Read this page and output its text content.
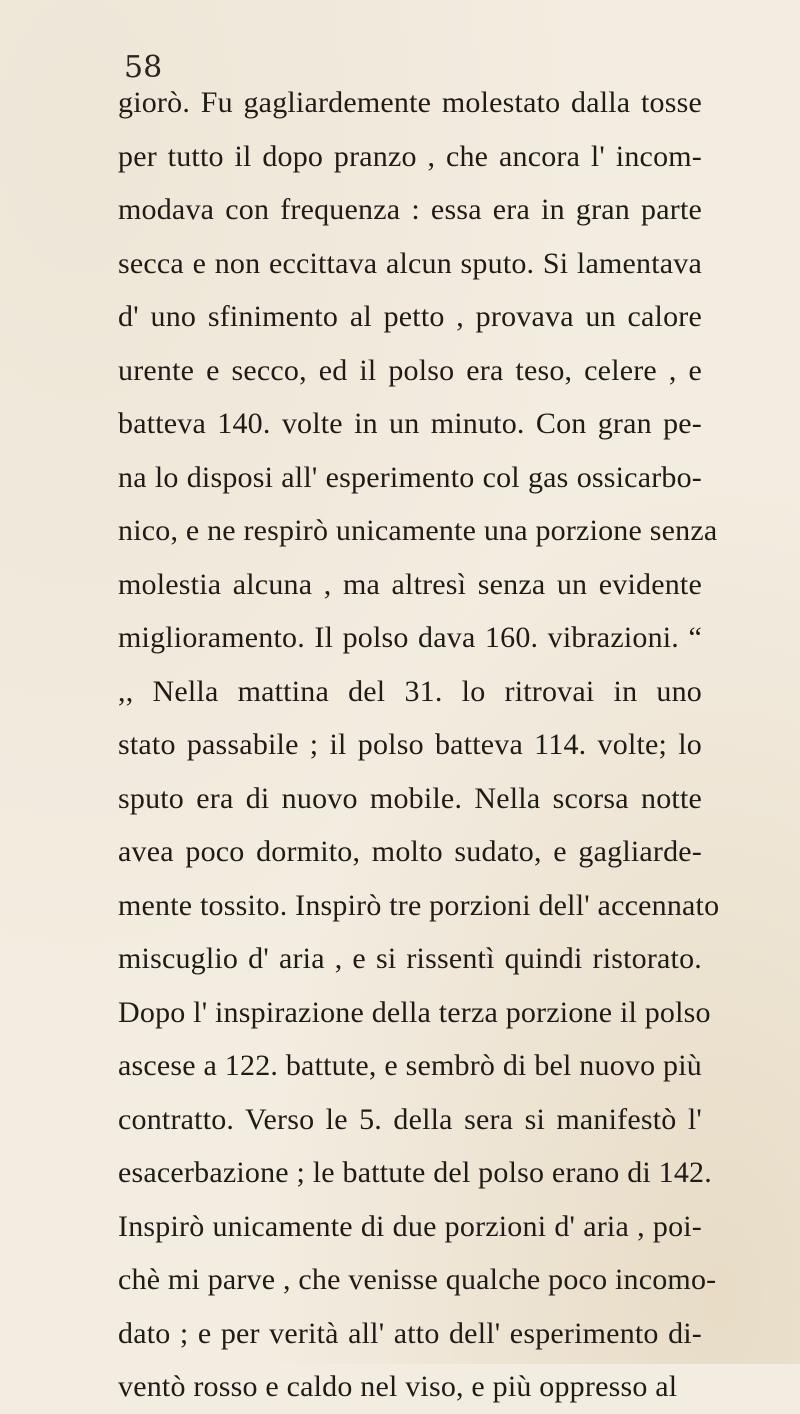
58
giorò. Fu gagliardemente molestato dalla tosse
per tutto il dopo pranzo , che ancora l' incom-
modava con frequenza : essa era in gran parte
secca e non eccittava alcun sputo. Si lamentava
d' uno sfinimento al petto , provava un calore
urente e secco, ed il polso era teso, celere , e
batteva 140. volte in un minuto. Con gran pe-
na lo disposi all' esperimento col gas ossicarbo-
nico, e ne respirò unicamente una porzione senza
molestia alcuna , ma altresì senza un evidente
miglioramento. Il polso dava 160. vibrazioni. “
,, Nella mattina del 31. lo ritrovai in uno
stato passabile ; il polso batteva 114. volte; lo
sputo era di nuovo mobile. Nella scorsa notte
avea poco dormito, molto sudato, e gagliarde-
mente tossito. Inspirò tre porzioni dell' accennato
miscuglio d' aria , e si rissentì quindi ristorato.
Dopo l' inspirazione della terza porzione il polso
ascese a 122. battute, e sembrò di bel nuovo più
contratto. Verso le 5. della sera si manifestò l'
esacerbazione ; le battute del polso erano di 142.
Inspirò unicamente di due porzioni d' aria , poi-
chè mi parve , che venisse qualche poco incomo-
dato ; e per verità all' atto dell' esperimento di-
ventò rosso e caldo nel viso, e più oppresso al
